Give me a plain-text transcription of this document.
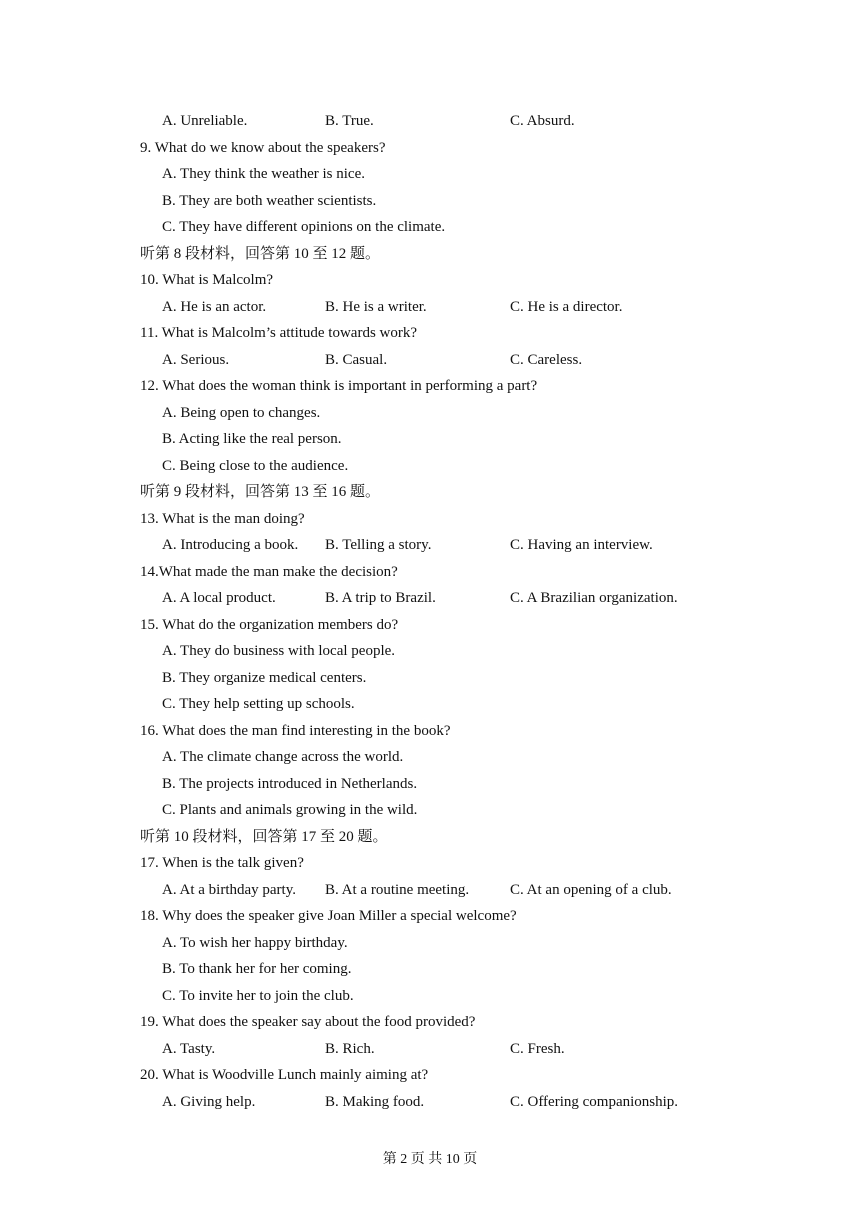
A. Unreliable.	B. True.	C. Absurd.
9. What do we know about the speakers?
A. They think the weather is nice.
B. They are both weather scientists.
C. They have different opinions on the climate.
听第 8 段材料，回答第 10 至 12 题。
10. What is Malcolm?
A. He is an actor.	B. He is a writer.	C. He is a director.
11. What is Malcolm’s attitude towards work?
A. Serious.	B. Casual.	C. Careless.
12. What does the woman think is important in performing a part?
A. Being open to changes.
B. Acting like the real person.
C. Being close to the audience.
听第 9 段材料，回答第 13 至 16 题。
13. What is the man doing?
A. Introducing a book. B. Telling a story.	C. Having an interview.
14.What made the man make the decision?
A. A local product.	B. A trip to Brazil.	C. A Brazilian organization.
15. What do the organization members do?
A. They do business with local people.
B. They organize medical centers.
C. They help setting up schools.
16. What does the man find interesting in the book?
A. The climate change across the world.
B. The projects introduced in Netherlands.
C. Plants and animals growing in the wild.
听第 10 段材料，回答第 17 至 20 题。
17. When is the talk given?
A. At a birthday party. B. At a routine meeting.	C. At an opening of a club.
18. Why does the speaker give Joan Miller a special welcome?
A. To wish her happy birthday.
B. To thank her for her coming.
C. To invite her to join the club.
19. What does the speaker say about the food provided?
A. Tasty.	B. Rich.	C. Fresh.
20. What is Woodville Lunch mainly aiming at?
A. Giving help.	B. Making food.	C. Offering companionship.
第 2 页 共 10 页
